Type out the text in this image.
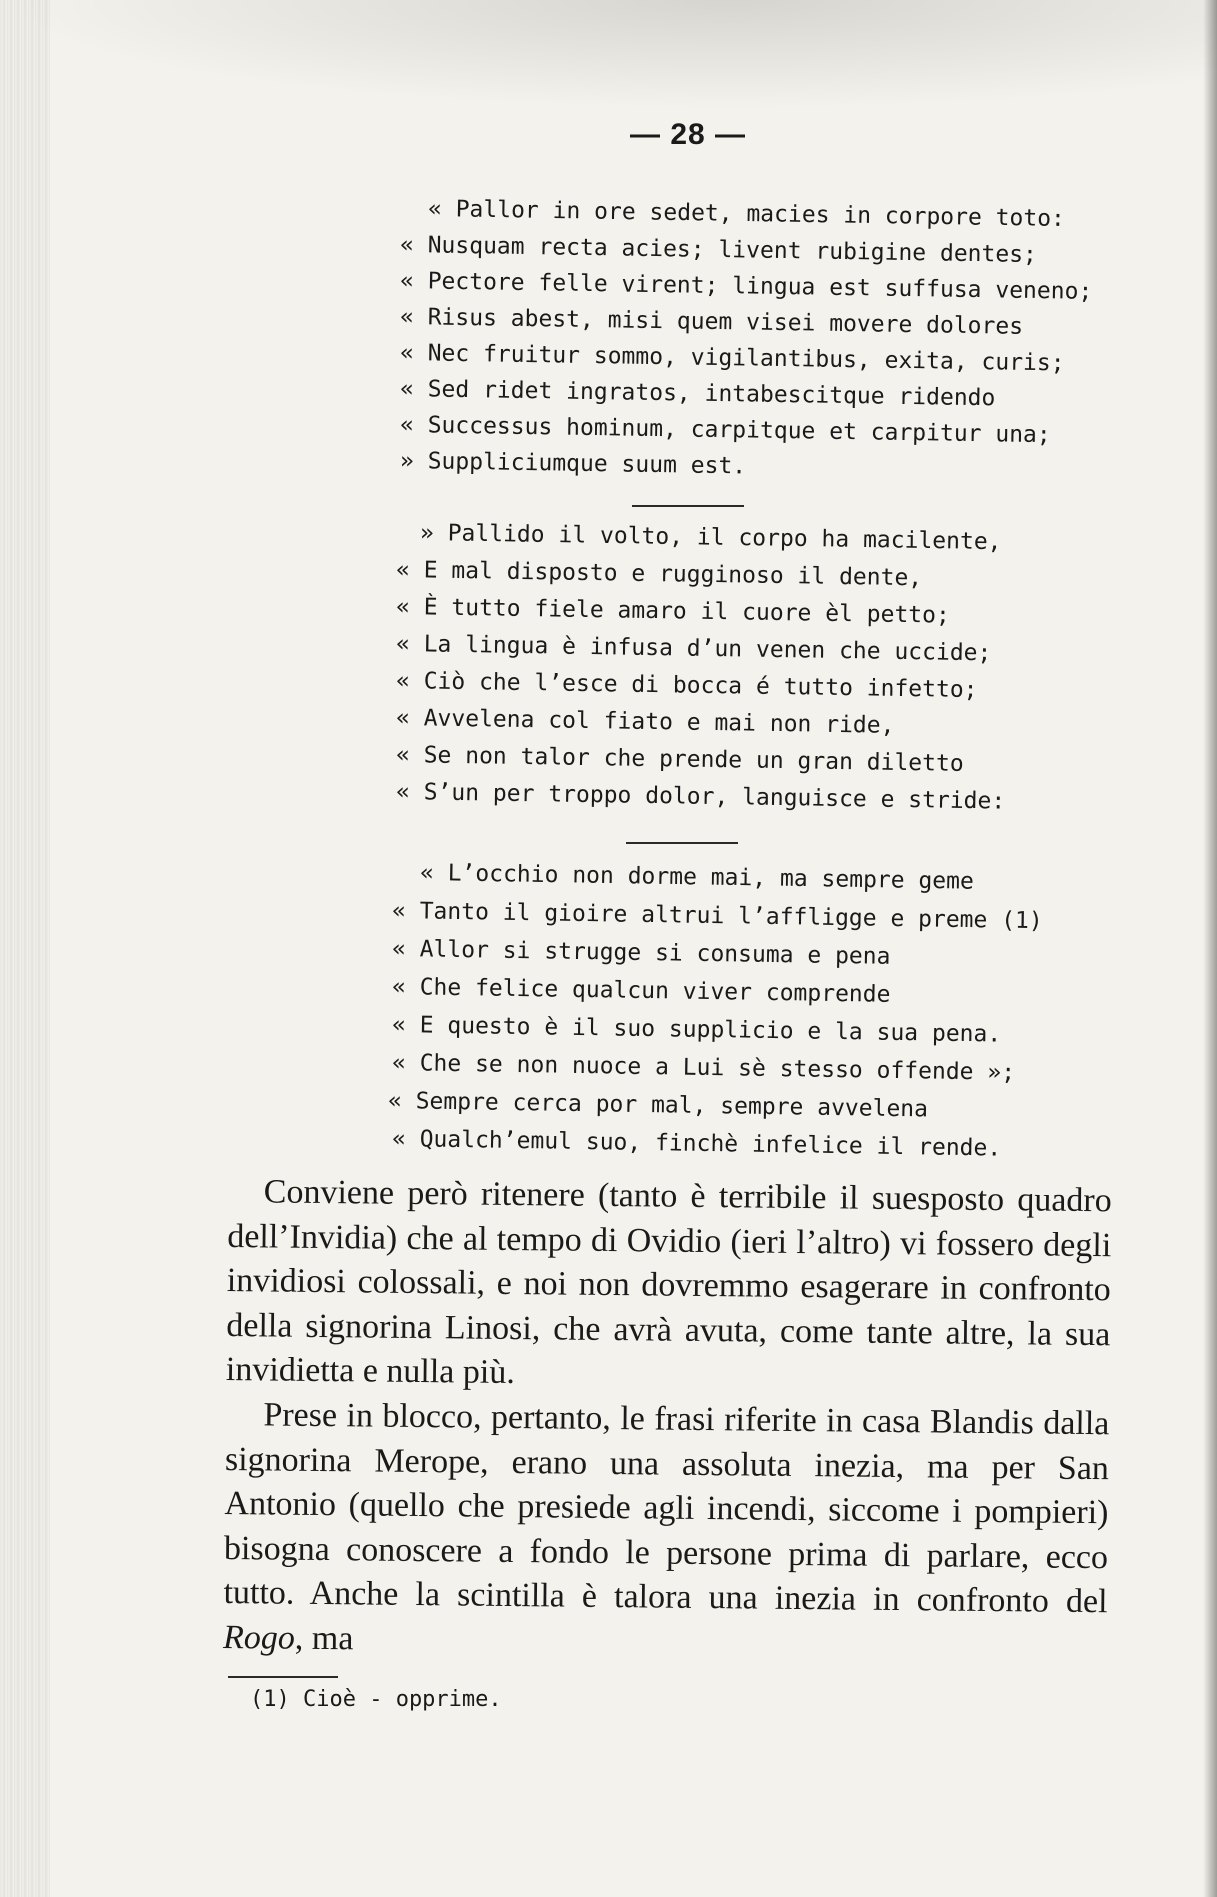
— 28 —
« Pallor in ore sedet, macies in corpore toto:
« Nusquam recta acies; livent rubigine dentes;
« Pectore felle virent; lingua est suffusa veneno;
« Risus abest, misi quem visei movere dolores
« Nec fruitur sommo, vigilantibus, exita, curis;
« Sed ridet ingratos, intabescitque ridendo
« Successus hominum, carpitque et carpitur una;
» Suppliciumque suum est.
» Pallido il volto, il corpo ha macilente,
« E mal disposto e rugginoso il dente,
« È tutto fiele amaro il cuore èl petto;
« La lingua è infusa d’un venen che uccide;
« Ciò che l’esce di bocca é tutto infetto;
« Avvelena col fiato e mai non ride,
« Se non talor che prende un gran diletto
« S’un per troppo dolor, languisce e stride:
« L’occhio non dorme mai, ma sempre geme
« Tanto il gioire altrui l’affligge e preme (1)
« Allor si strugge si consuma e pena
« Che felice qualcun viver comprende
« E questo è il suo supplicio e la sua pena.
« Che se non nuoce a Lui sè stesso offende »;
« Sempre cerca por mal, sempre avvelena
« Qualch’emul suo, finchè infelice il rende.

Conviene però ritenere (tanto è terribile il suesposto quadro dell’Invidia) che al tempo di Ovidio (ieri l’altro) vi fossero degli invidiosi colossali, e noi non dovremmo esagerare in confronto della signorina Linosi, che avrà avuta, come tante altre, la sua invidietta e nulla più.

Prese in blocco, pertanto, le frasi riferite in casa Blandis dalla signorina Merope, erano una assoluta inezia, ma per San Antonio (quello che presiede agli incendi, siccome i pompieri) bisogna conoscere a fondo le persone prima di parlare, ecco tutto. Anche la scintilla è talora una inezia in confronto del Rogo, ma

(1) Cioè - opprime.
